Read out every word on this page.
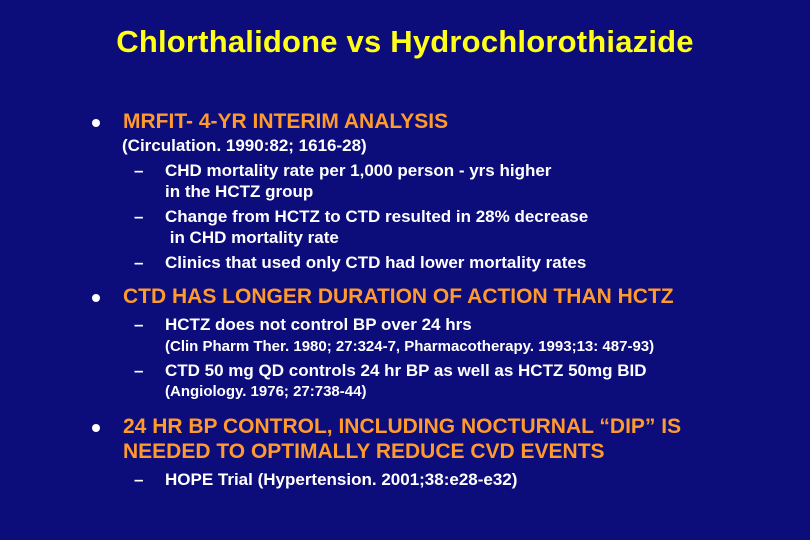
Chlorthalidone vs Hydrochlorothiazide
MRFIT- 4-YR INTERIM ANALYSIS
(Circulation. 1990:82; 1616-28)
– CHD mortality rate per 1,000 person - yrs higher
in the HCTZ group
– Change from HCTZ to CTD resulted in 28% decrease
in CHD mortality rate
– Clinics that used only CTD had lower mortality rates
CTD HAS LONGER DURATION OF ACTION THAN HCTZ
– HCTZ does not control BP over 24 hrs
(Clin Pharm Ther. 1980; 27:324-7, Pharmacotherapy. 1993;13: 487-93)
– CTD 50 mg QD controls 24 hr BP as well as HCTZ 50mg BID
(Angiology. 1976; 27:738-44)
24 HR BP CONTROL, INCLUDING NOCTURNAL “DIP” IS
NEEDED TO OPTIMALLY REDUCE CVD EVENTS
– HOPE Trial (Hypertension. 2001;38:e28-e32)
